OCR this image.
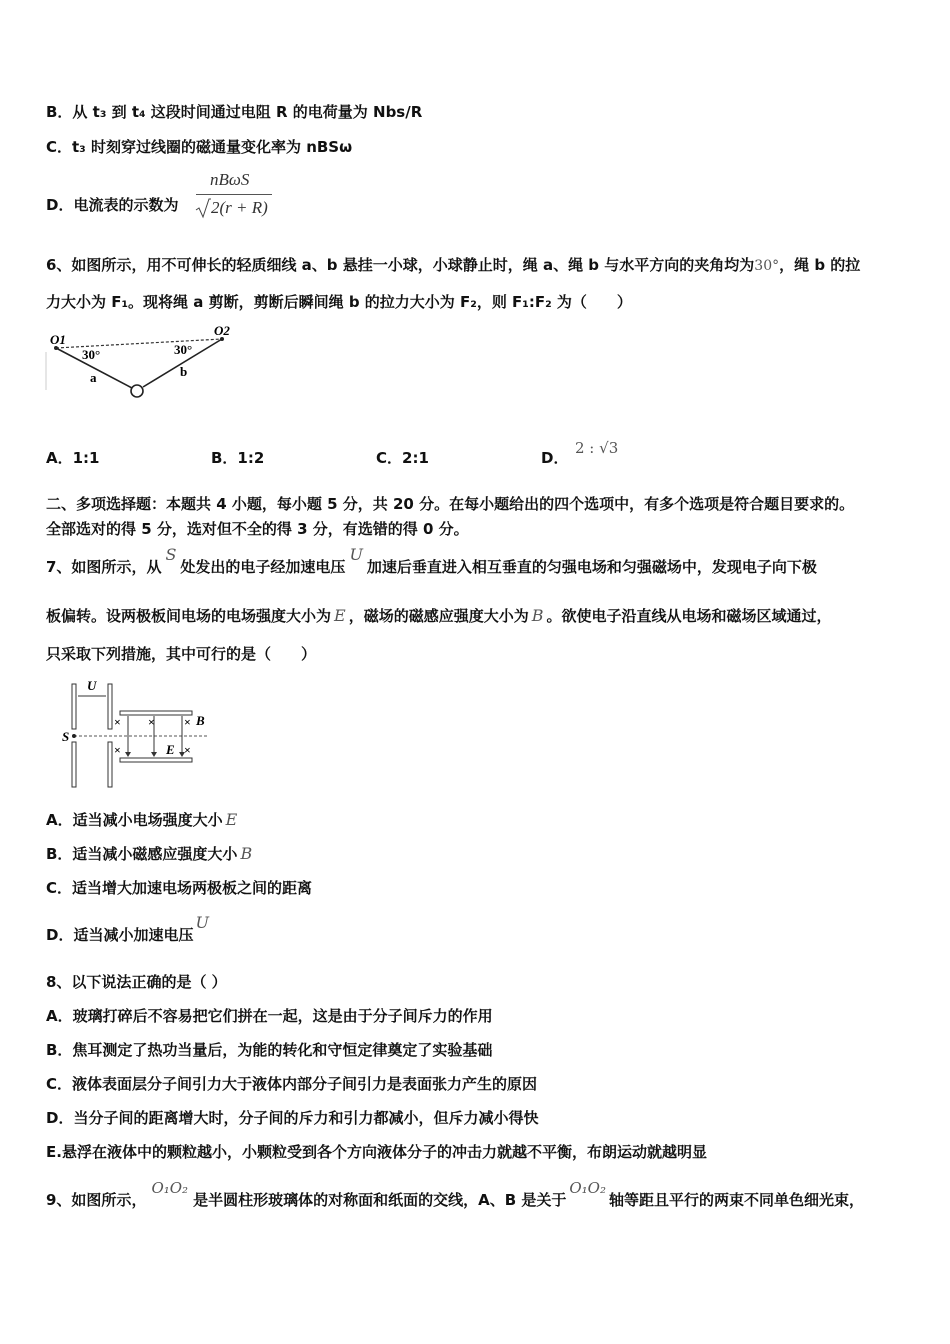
B．从 t₃ 到 t₄ 这段时间通过电阻 R 的电荷量为 Nbs/R
C．t₃ 时刻穿过线圈的磁通量变化率为 nBSω
D．电流表的示数为
nBωS
2(r + R)
6、如图所示，用不可伸长的轻质细线 a、b 悬挂一小球，小球静止时，绳 a、绳 b 与水平方向的夹角均为30°，绳 b 的拉
力大小为 F₁。现将绳 a 剪断，剪断后瞬间绳 b 的拉力大小为 F₂，则 F₁:F₂ 为（　　）
O1
O2
30°	30°
a	b
A．1:1	B．1:2	C．2:1	D．
2 : √3
二、多项选择题：本题共 4 小题，每小题 5 分，共 20 分。在每小题给出的四个选项中，有多个选项是符合题目要求的。
全部选对的得 5 分，选对但不全的得 3 分，有选错的得 0 分。
7、如图所示，从S处发出的电子经加速电压U加速后垂直进入相互垂直的匀强电场和匀强磁场中，发现电子向下极
板偏转。设两极板间电场的电场强度大小为 E ，磁场的磁感应强度大小为 B 。欲使电子沿直线从电场和磁场区域通过，
只采取下列措施，其中可行的是（　　）
U
S
× × ×
×	×
B
E
A．适当减小电场强度大小 E
B．适当减小磁感应强度大小 B
C．适当增大加速电场两极板之间的距离
D．适当减小加速电压U
8、以下说法正确的是（ ）
A．玻璃打碎后不容易把它们拼在一起，这是由于分子间斥力的作用
B．焦耳测定了热功当量后，为能的转化和守恒定律奠定了实验基础
C．液体表面层分子间引力大于液体内部分子间引力是表面张力产生的原因
D．当分子间的距离增大时，分子间的斥力和引力都减小，但斥力减小得快
E.悬浮在液体中的颗粒越小，小颗粒受到各个方向液体分子的冲击力就越不平衡，布朗运动就越明显
9、如图所示，O₁O₂是半圆柱形玻璃体的对称面和纸面的交线，A、B 是关于O₁O₂轴等距且平行的两束不同单色细光束，
